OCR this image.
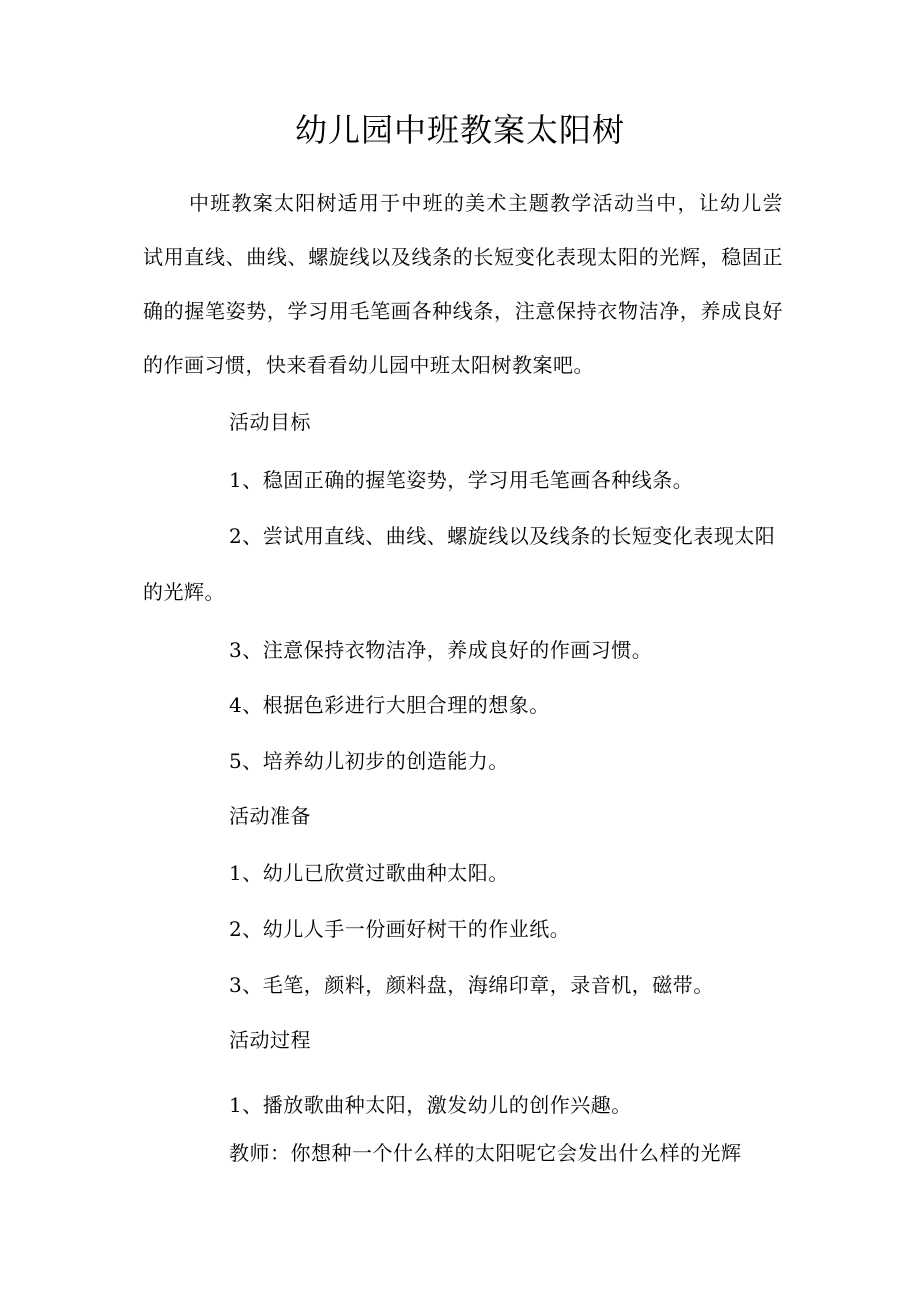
幼儿园中班教案太阳树
中班教案太阳树适用于中班的美术主题教学活动当中，让幼儿尝试用直线、曲线、螺旋线以及线条的长短变化表现太阳的光辉，稳固正确的握笔姿势，学习用毛笔画各种线条，注意保持衣物洁净，养成良好的作画习惯，快来看看幼儿园中班太阳树教案吧。
活动目标
1、稳固正确的握笔姿势，学习用毛笔画各种线条。
2、尝试用直线、曲线、螺旋线以及线条的长短变化表现太阳的光辉。
3、注意保持衣物洁净，养成良好的作画习惯。
4、根据色彩进行大胆合理的想象。
5、培养幼儿初步的创造能力。
活动准备
1、幼儿已欣赏过歌曲种太阳。
2、幼儿人手一份画好树干的作业纸。
3、毛笔，颜料，颜料盘，海绵印章，录音机，磁带。
活动过程
1、播放歌曲种太阳，激发幼儿的创作兴趣。
教师：你想种一个什么样的太阳呢它会发出什么样的光辉
